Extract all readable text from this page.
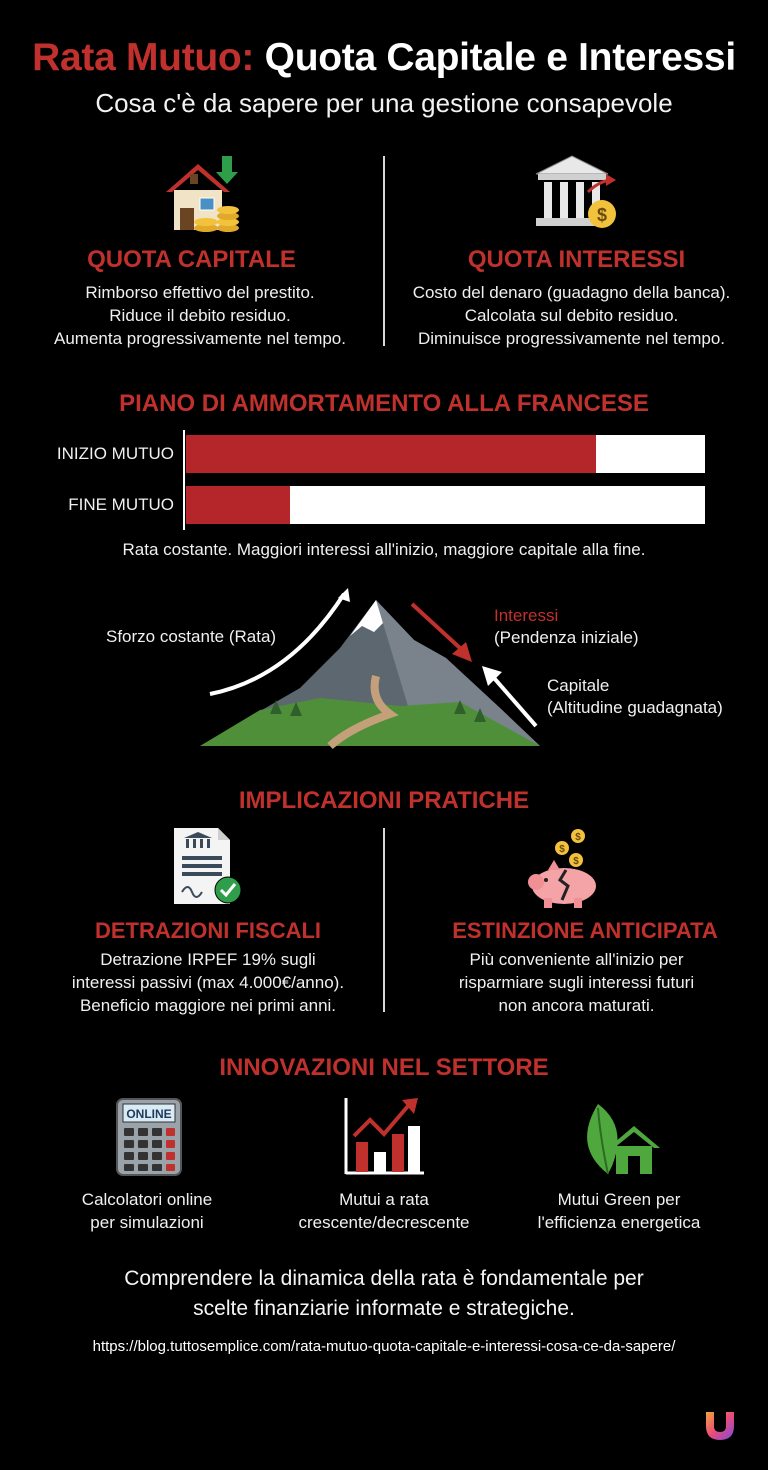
Rata Mutuo: Quota Capitale e Interessi
Cosa c'è da sapere per una gestione consapevole
QUOTA CAPITALE
Rimborso effettivo del prestito.
Riduce il debito residuo.
Aumenta progressivamente nel tempo.
$
QUOTA INTERESSI
Costo del denaro (guadagno della banca).
Calcolata sul debito residuo.
Diminuisce progressivamente nel tempo.
PIANO DI AMMORTAMENTO ALLA FRANCESE
INIZIO MUTUO
FINE MUTUO
Rata costante. Maggiori interessi all'inizio, maggiore capitale alla fine.
Sforzo costante (Rata)
Interessi
(Pendenza iniziale)
Capitale
(Altitudine guadagnata)
IMPLICAZIONI PRATICHE
DETRAZIONI FISCALI
Detrazione IRPEF 19% sugli
interessi passivi (max 4.000€/anno).
Beneficio maggiore nei primi anni.
$
$
$
ESTINZIONE ANTICIPATA
Più conveniente all'inizio per
risparmiare sugli interessi futuri
non ancora maturati.
INNOVAZIONI NEL SETTORE
ONLINE
Calcolatori online
per simulazioni
Mutui a rata
crescente/decrescente
Mutui Green per
l'efficienza energetica
Comprendere la dinamica della rata è fondamentale per
scelte finanziarie informate e strategiche.
https://blog.tuttosemplice.com/rata-mutuo-quota-capitale-e-interessi-cosa-ce-da-sapere/
